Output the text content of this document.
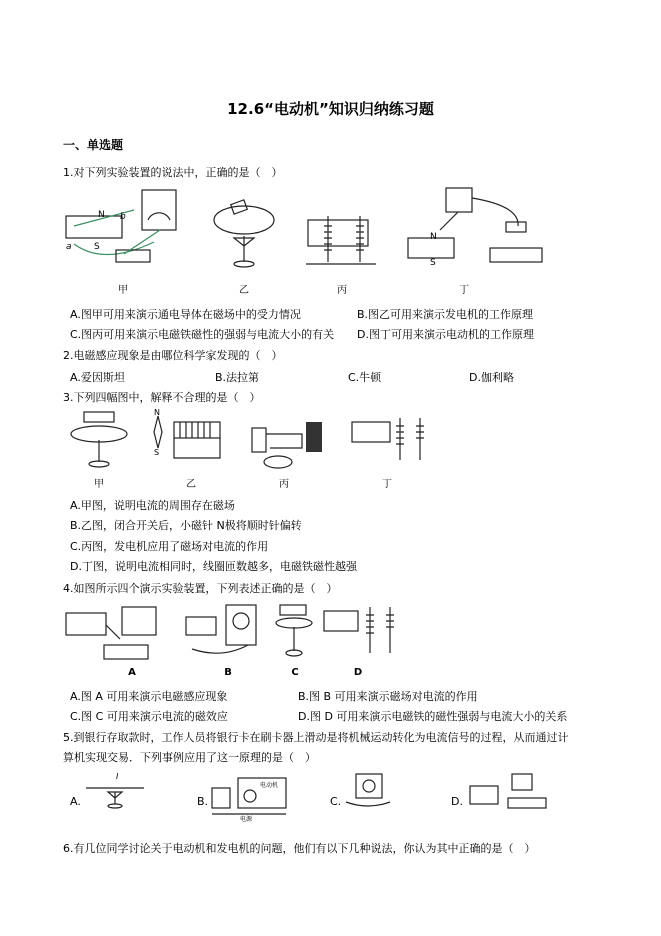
12.6“电动机”知识归纳练习题
一、单选题
1.对下列实验装置的说法中，正确的是（　）
N
S
a
b
甲	乙	丙
N
S
丁
A.图甲可用来演示通电导体在磁场中的受力情况	B.图乙可用来演示发电机的工作原理
C.图丙可用来演示电磁铁磁性的强弱与电流大小的有关 D.图丁可用来演示电动机的工作原理
2.电磁感应现象是由哪位科学家发现的（　）
A.爱因斯坦	B.法拉第	C.牛顿	D.伽利略
3.下列四幅图中，解释不合理的是（　）
甲
N
S
乙	丙	丁
A.甲图，说明电流的周围存在磁场
B.乙图，闭合开关后，小磁针 N极将顺时针偏转
C.丙图，发电机应用了磁场对电流的作用
D.丁图，说明电流相同时，线圈匝数越多，电磁铁磁性越强
4.如图所示四个演示实验装置，下列表述正确的是（　）
A	B	C	D
A.图 A 可用来演示电磁感应现象	B.图 B 可用来演示磁场对电流的作用
C.图 C 可用来演示电流的磁效应	D.图 D 可用来演示电磁铁的磁性强弱与电流大小的关系
5.到银行存取款时，工作人员将银行卡在刷卡器上滑动是将机械运动转化为电流信号的过程，从而通过计
算机实现交易．下列事例应用了这一原理的是（　）
A.
I
B.
电动机
电源
C.	D.
6.有几位同学讨论关于电动机和发电机的问题，他们有以下几种说法，你认为其中正确的是（　）
